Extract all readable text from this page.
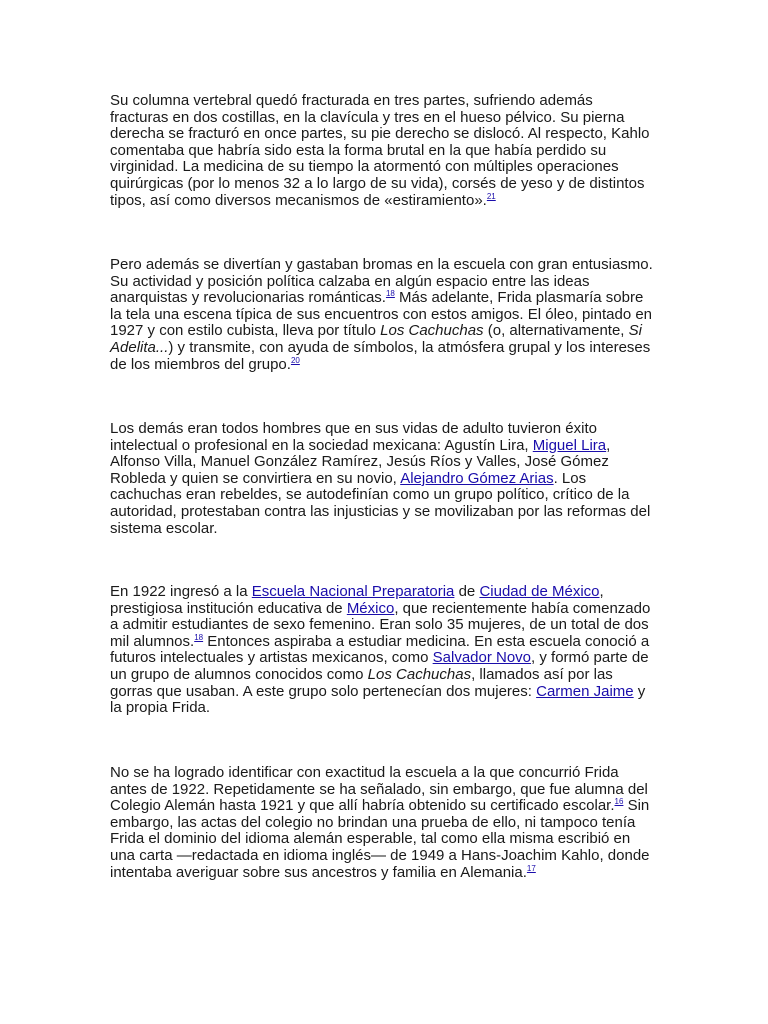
Su columna vertebral quedó fracturada en tres partes, sufriendo además fracturas en dos costillas, en la clavícula y tres en el hueso pélvico. Su pierna derecha se fracturó en once partes, su pie derecho se dislocó. Al respecto, Kahlo comentaba que habría sido esta la forma brutal en la que había perdido su virginidad. La medicina de su tiempo la atormentó con múltiples operaciones quirúrgicas (por lo menos 32 a lo largo de su vida), corsés de yeso y de distintos tipos, así como diversos mecanismos de «estiramiento».$^{21}$

Pero además se divertían y gastaban bromas en la escuela con gran entusiasmo. Su actividad y posición política calzaba en algún espacio entre las ideas anarquistas y revolucionarias románticas.$^{18}$ Más adelante, Frida plasmaría sobre la tela una escena típica de sus encuentros con estos amigos. El óleo, pintado en 1927 y con estilo cubista, lleva por título Los Cachuchas (o, alternativamente, Si Adelita...) y transmite, con ayuda de símbolos, la atmósfera grupal y los intereses de los miembros del grupo.$^{20}$

Los demás eran todos hombres que en sus vidas de adulto tuvieron éxito intelectual o profesional en la sociedad mexicana: Agustín Lira, Miguel Lira, Alfonso Villa, Manuel González Ramírez, Jesús Ríos y Valles, José Gómez Robleda y quien se convirtiera en su novio, Alejandro Gómez Arias. Los cachuchas eran rebeldes, se autodefinían como un grupo político, crítico de la autoridad, protestaban contra las injusticias y se movilizaban por las reformas del sistema escolar.

En 1922 ingresó a la Escuela Nacional Preparatoria de Ciudad de México, prestigiosa institución educativa de México, que recientemente había comenzado a admitir estudiantes de sexo femenino. Eran solo 35 mujeres, de un total de dos mil alumnos.$^{18}$ Entonces aspiraba a estudiar medicina. En esta escuela conoció a futuros intelectuales y artistas mexicanos, como Salvador Novo, y formó parte de un grupo de alumnos conocidos como Los Cachuchas, llamados así por las gorras que usaban. A este grupo solo pertenecían dos mujeres: Carmen Jaime y la propia Frida.

No se ha logrado identificar con exactitud la escuela a la que concurrió Frida antes de 1922. Repetidamente se ha señalado, sin embargo, que fue alumna del Colegio Alemán hasta 1921 y que allí habría obtenido su certificado escolar.$^{16}$ Sin embargo, las actas del colegio no brindan una prueba de ello, ni tampoco tenía Frida el dominio del idioma alemán esperable, tal como ella misma escribió en una carta —redactada en idioma inglés— de 1949 a Hans-Joachim Kahlo, donde intentaba averiguar sobre sus ancestros y familia en Alemania.$^{17}$
